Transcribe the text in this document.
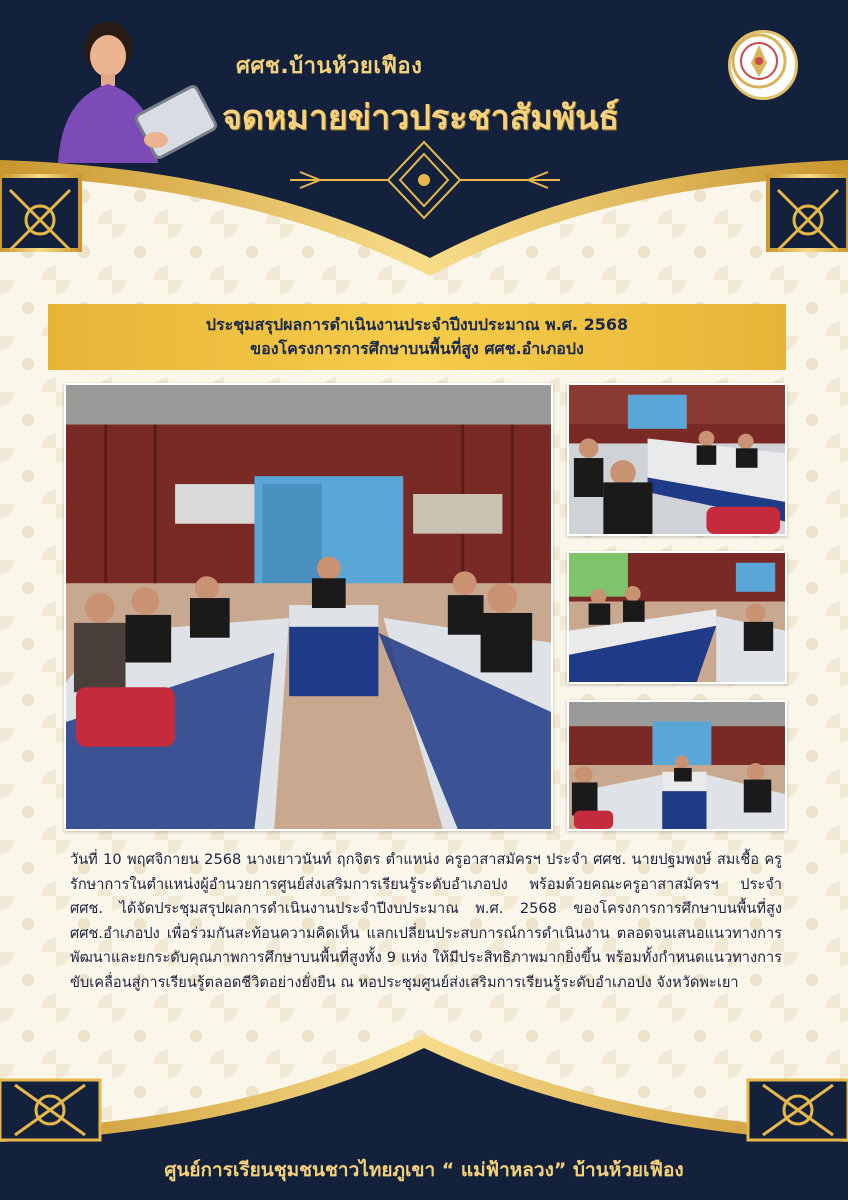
ศศช.บ้านห้วยเฟือง
จดหมายข่าวประชาสัมพันธ์
ประชุมสรุปผลการดำเนินงานประจำปีงบประมาณ พ.ศ. 2568
ของโครงการการศึกษาบนพื้นที่สูง ศศช.อำเภอปง
วันที่ 10 พฤศจิกายน 2568 นางเยาวนันท์ ฤกจิตร ตำแหน่ง ครูอาสาสมัครฯ ประจำ ศศช. นายปฐมพงษ์ สมเชื้อ ครู รักษาการในตำแหน่งผู้อำนวยการศูนย์ส่งเสริมการเรียนรู้ระดับอำเภอปง พร้อมด้วยคณะครูอาสาสมัครฯ ประจำ ศศช. ได้จัดประชุมสรุปผลการดำเนินงานประจำปีงบประมาณ พ.ศ. 2568 ของโครงการการศึกษาบนพื้นที่สูง ศศช.อำเภอปง เพื่อร่วมกันสะท้อนความคิดเห็น แลกเปลี่ยนประสบการณ์การดำเนินงาน ตลอดจนเสนอแนวทางการพัฒนาและยกระดับคุณภาพการศึกษาบนพื้นที่สูงทั้ง 9 แห่ง ให้มีประสิทธิภาพมากยิ่งขึ้น พร้อมทั้งกำหนดแนวทางการขับเคลื่อนสู่การเรียนรู้ตลอดชีวิตอย่างยั่งยืน ณ หอประชุมศูนย์ส่งเสริมการเรียนรู้ระดับอำเภอปง จังหวัดพะเยา
ศูนย์การเรียนชุมชนชาวไทยภูเขา “ แม่ฟ้าหลวง” บ้านห้วยเฟือง
